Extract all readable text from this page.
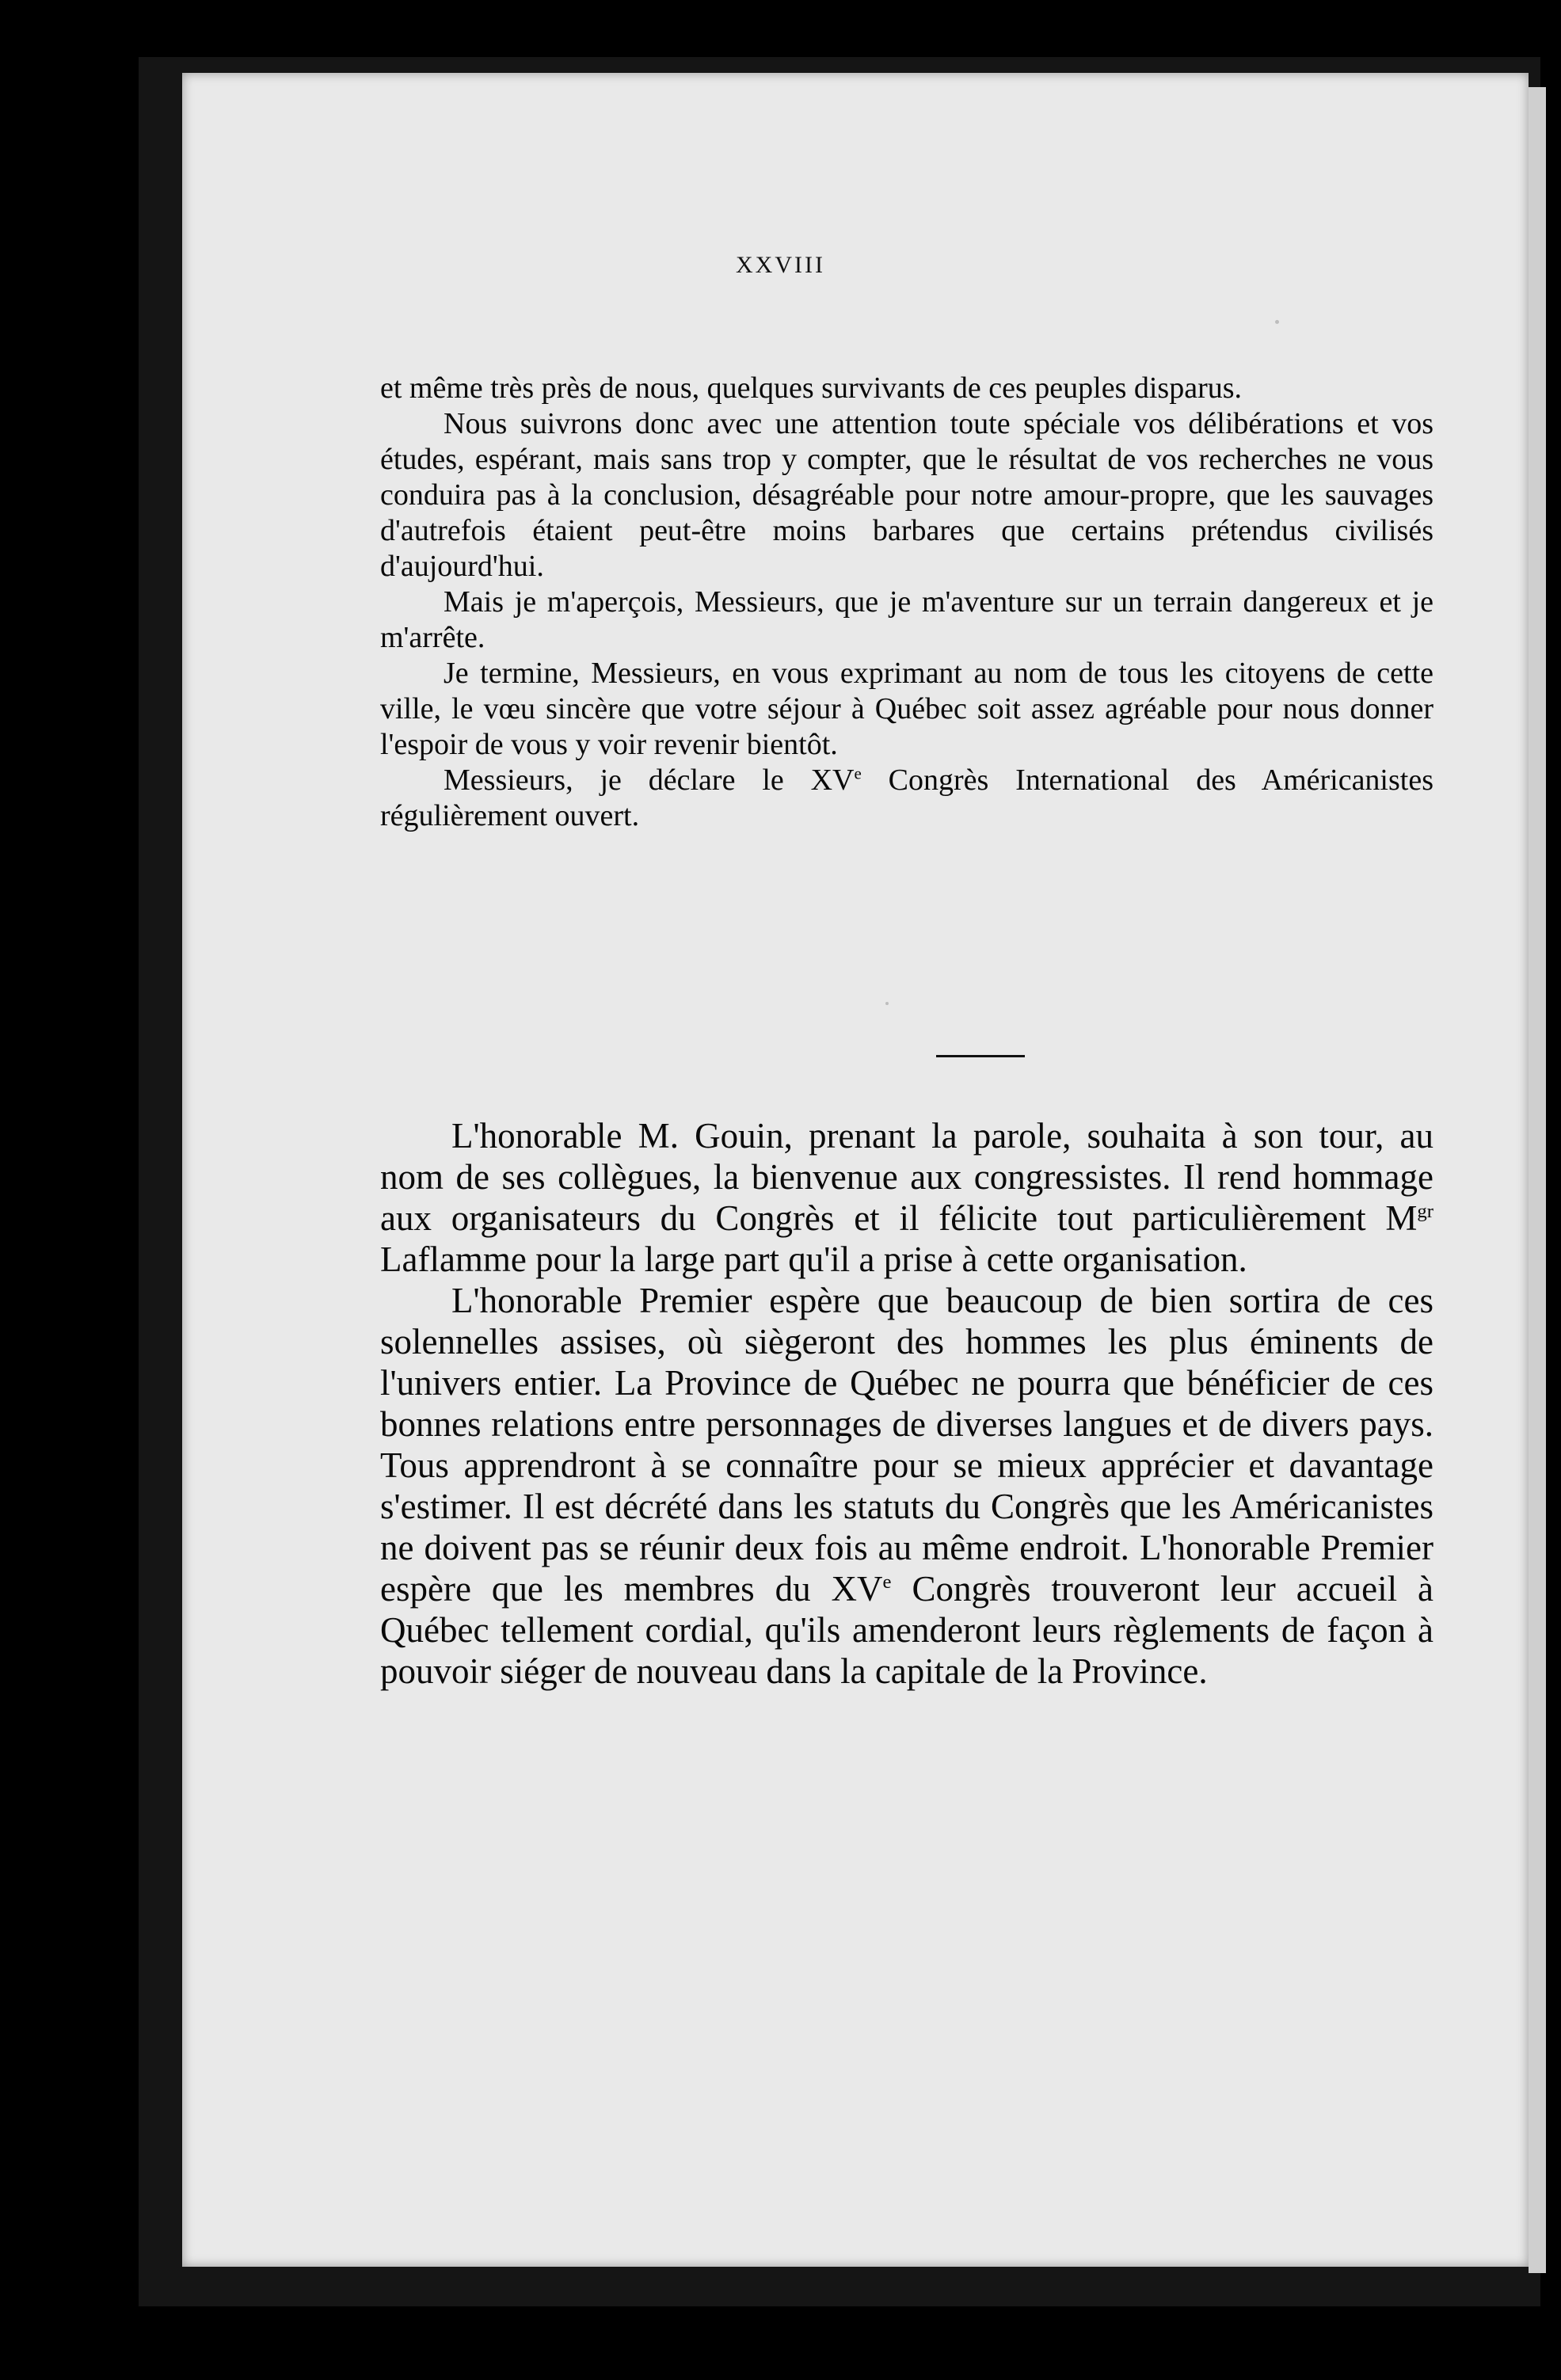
XXVIII

et même très près de nous, quelques survivants de ces peuples disparus.

Nous suivrons donc avec une attention toute spéciale vos délibérations et vos études, espérant, mais sans trop y compter, que le résultat de vos recherches ne vous conduira pas à la conclusion, désagréable pour notre amour-propre, que les sauvages d'autrefois étaient peut-être moins barbares que certains prétendus civilisés d'aujourd'hui.

Mais je m'aperçois, Messieurs, que je m'aventure sur un terrain dangereux et je m'arrête.

Je termine, Messieurs, en vous exprimant au nom de tous les citoyens de cette ville, le vœu sincère que votre séjour à Québec soit assez agréable pour nous donner l'espoir de vous y voir revenir bientôt.

Messieurs, je déclare le XVe Congrès International des Américanistes régulièrement ouvert.

L'honorable M. Gouin, prenant la parole, souhaita à son tour, au nom de ses collègues, la bienvenue aux congressistes. Il rend hommage aux organisateurs du Congrès et il félicite tout particulièrement $M^{gr}$ Laflamme pour la large part qu'il a prise à cette organisation.

L'honorable Premier espère que beaucoup de bien sortira de ces solennelles assises, où siègeront des hommes les plus éminents de l'univers entier. La Province de Québec ne pourra que bénéficier de ces bonnes relations entre personnages de diverses langues et de divers pays. Tous apprendront à se connaître pour se mieux apprécier et davantage s'estimer. Il est décrété dans les statuts du Congrès que les Américanistes ne doivent pas se réunir deux fois au même endroit. L'honorable Premier espère que les membres du XVe Congrès trouveront leur accueil à Québec tellement cordial, qu'ils amenderont leurs règlements de façon à pouvoir siéger de nouveau dans la capitale de la Province.
